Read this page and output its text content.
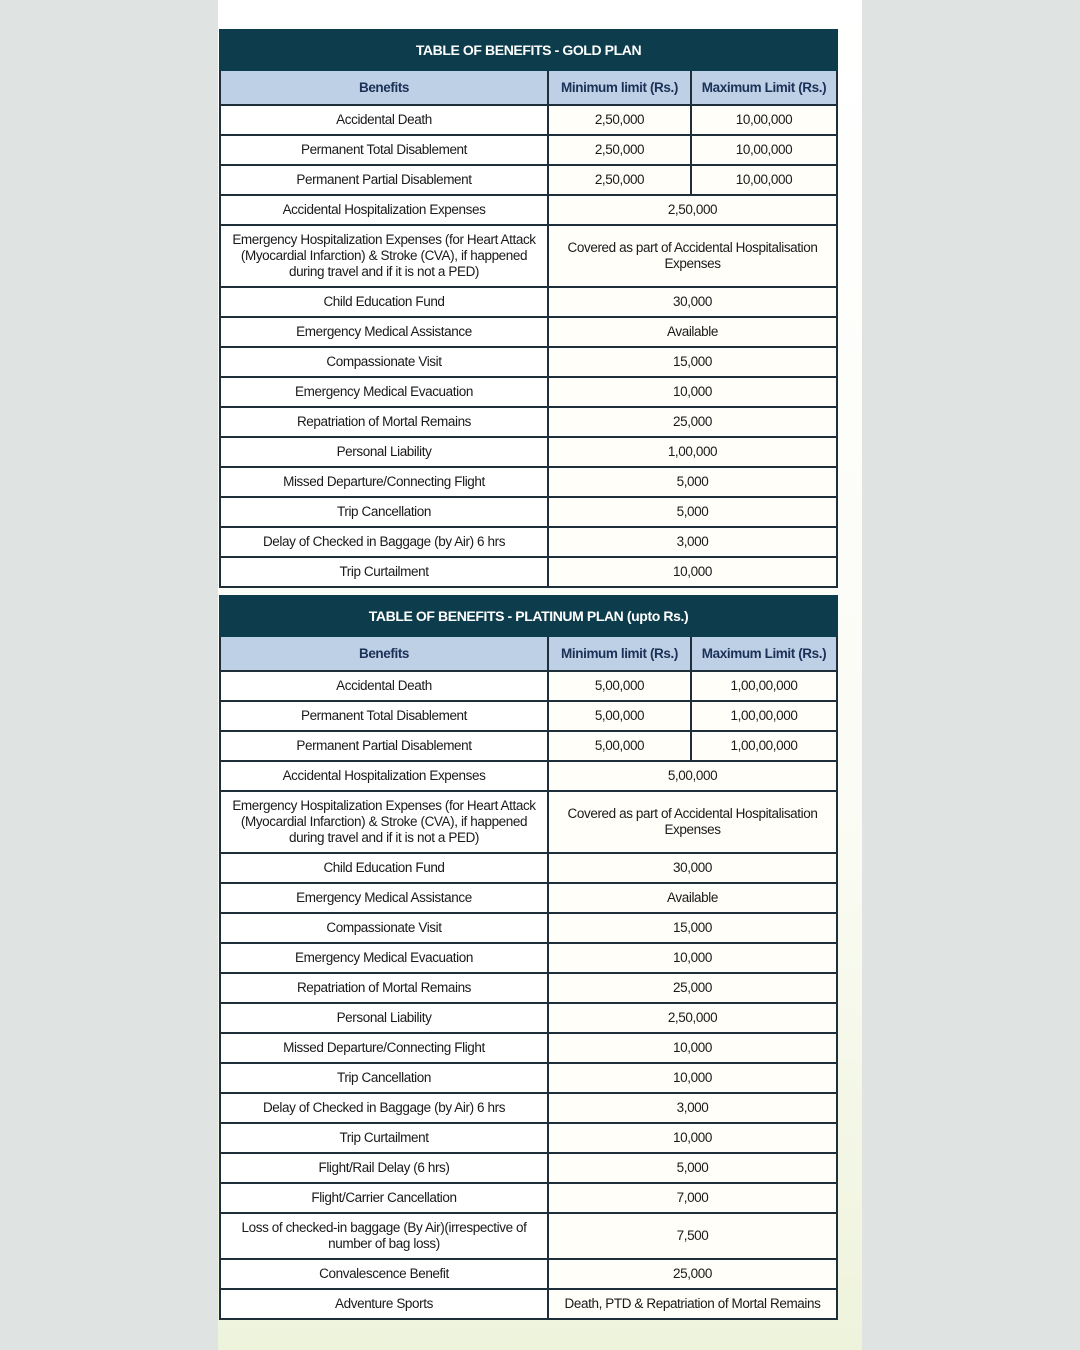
TABLE OF BENEFITS - GOLD PLAN		
Benefits	Minimum limit (Rs.)	Maximum Limit (Rs.)
Accidental Death	2,50,000	10,00,000
Permanent Total Disablement	2,50,000	10,00,000
Permanent Partial Disablement	2,50,000	10,00,000
Accidental Hospitalization Expenses	2,50,000	
Emergency Hospitalization Expenses (for Heart Attack (Myocardial Infarction) & Stroke (CVA), if happened during travel and if it is not a PED)	Covered as part of Accidental Hospitalisation Expenses	
Child Education Fund	30,000	
Emergency Medical Assistance	Available	
Compassionate Visit	15,000	
Emergency Medical Evacuation	10,000	
Repatriation of Mortal Remains	25,000	
Personal Liability	1,00,000	
Missed Departure/Connecting Flight	5,000	
Trip Cancellation	5,000	
Delay of Checked in Baggage (by Air) 6 hrs	3,000	
Trip Curtailment	10,000	
TABLE OF BENEFITS - PLATINUM PLAN (upto Rs.)		
Benefits	Minimum limit (Rs.)	Maximum Limit (Rs.)
Accidental Death	5,00,000	1,00,00,000
Permanent Total Disablement	5,00,000	1,00,00,000
Permanent Partial Disablement	5,00,000	1,00,00,000
Accidental Hospitalization Expenses	5,00,000	
Emergency Hospitalization Expenses (for Heart Attack (Myocardial Infarction) & Stroke (CVA), if happened during travel and if it is not a PED)	Covered as part of Accidental Hospitalisation Expenses	
Child Education Fund	30,000	
Emergency Medical Assistance	Available	
Compassionate Visit	15,000	
Emergency Medical Evacuation	10,000	
Repatriation of Mortal Remains	25,000	
Personal Liability	2,50,000	
Missed Departure/Connecting Flight	10,000	
Trip Cancellation	10,000	
Delay of Checked in Baggage (by Air) 6 hrs	3,000	
Trip Curtailment	10,000	
Flight/Rail Delay (6 hrs)	5,000	
Flight/Carrier Cancellation	7,000	
Loss of checked-in baggage (By Air)(irrespective of number of bag loss)	7,500	
Convalescence Benefit	25,000	
Adventure Sports	Death, PTD & Repatriation of Mortal Remains	
